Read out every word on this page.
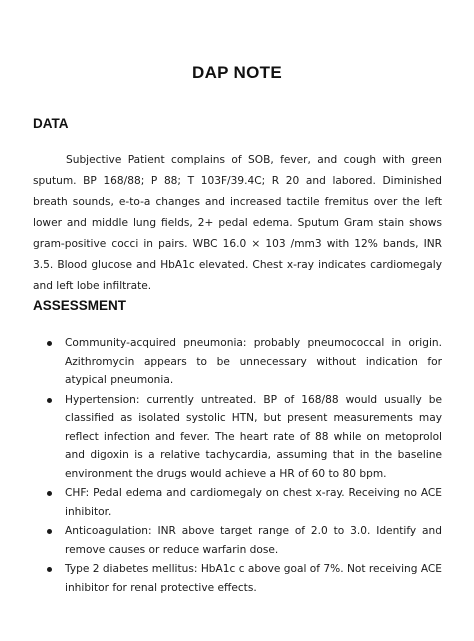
DAP NOTE
DATA

Subjective Patient complains of SOB, fever, and cough with green sputum. BP 168/88; P 88; T 103F/39.4C; R 20 and labored. Diminished breath sounds, e-to-a changes and increased tactile fremitus over the left lower and middle lung fields, 2+ pedal edema. Sputum Gram stain shows gram-positive cocci in pairs. WBC 16.0 × 103 /mm3 with 12% bands, INR 3.5. Blood glucose and HbA1c elevated. Chest x-ray indicates cardiomegaly and left lobe infiltrate.

ASSESSMENT
Community-acquired pneumonia: probably pneumococcal in origin. Azithromycin appears to be unnecessary without indication for atypical pneumonia.
Hypertension: currently untreated. BP of 168/88 would usually be classified as isolated systolic HTN, but present measurements may reflect infection and fever. The heart rate of 88 while on metoprolol and digoxin is a relative tachycardia, assuming that in the baseline environment the drugs would achieve a HR of 60 to 80 bpm.
CHF: Pedal edema and cardiomegaly on chest x-ray. Receiving no ACE inhibitor.
Anticoagulation: INR above target range of 2.0 to 3.0. Identify and remove causes or reduce warfarin dose.
Type 2 diabetes mellitus: HbA1c c above goal of 7%. Not receiving ACE inhibitor for renal protective effects.
